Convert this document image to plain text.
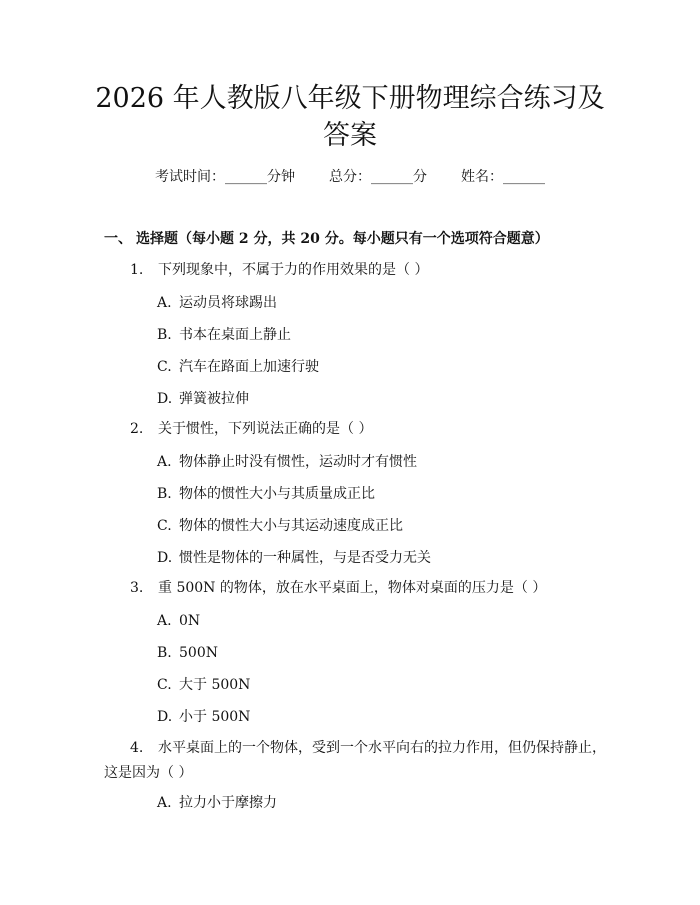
2026 年人教版八年级下册物理综合练习及答案
考试时间：______分钟 总分：______分 姓名：______
一、 选择题（每小题 2 分，共 20 分。每小题只有一个选项符合题意）
1. 下列现象中，不属于力的作用效果的是（ ）
A. 运动员将球踢出
B. 书本在桌面上静止
C. 汽车在路面上加速行驶
D. 弹簧被拉伸
2. 关于惯性，下列说法正确的是（ ）
A. 物体静止时没有惯性，运动时才有惯性
B. 物体的惯性大小与其质量成正比
C. 物体的惯性大小与其运动速度成正比
D. 惯性是物体的一种属性，与是否受力无关
3. 重 500N 的物体，放在水平桌面上，物体对桌面的压力是（ ）
A. 0N
B. 500N
C. 大于 500N
D. 小于 500N
4. 水平桌面上的一个物体，受到一个水平向右的拉力作用，但仍保持静止，这是因为（ ）
A. 拉力小于摩擦力
